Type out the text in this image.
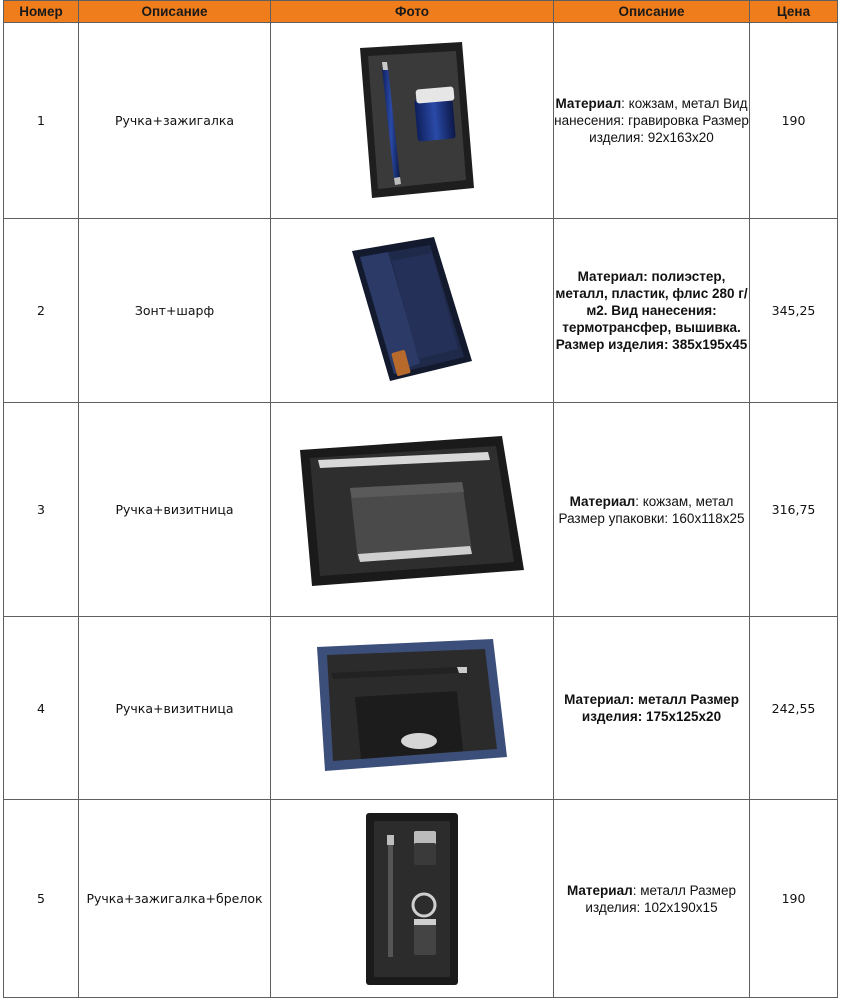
Номер	Описание	Фото	Описание	Цена
1	Ручка+зажигалка		Материал: кожзам, метал Вид нанесения: гравировка Размер изделия: 92x163x20	190
2	Зонт+шарф		Материал: полиэстер, металл, пластик, флис 280 г/м2. Вид нанесения: термотрансфер, вышивка. Размер изделия: 385x195x45	345,25
3	Ручка+визитница		Материал: кожзам, метал Размер упаковки: 160x118x25	316,75
4	Ручка+визитница		Материал: металл Размер изделия: 175x125x20	242,55
5	Ручка+зажигалка+брелок		Материал: металл Размер изделия: 102x190x15	190
